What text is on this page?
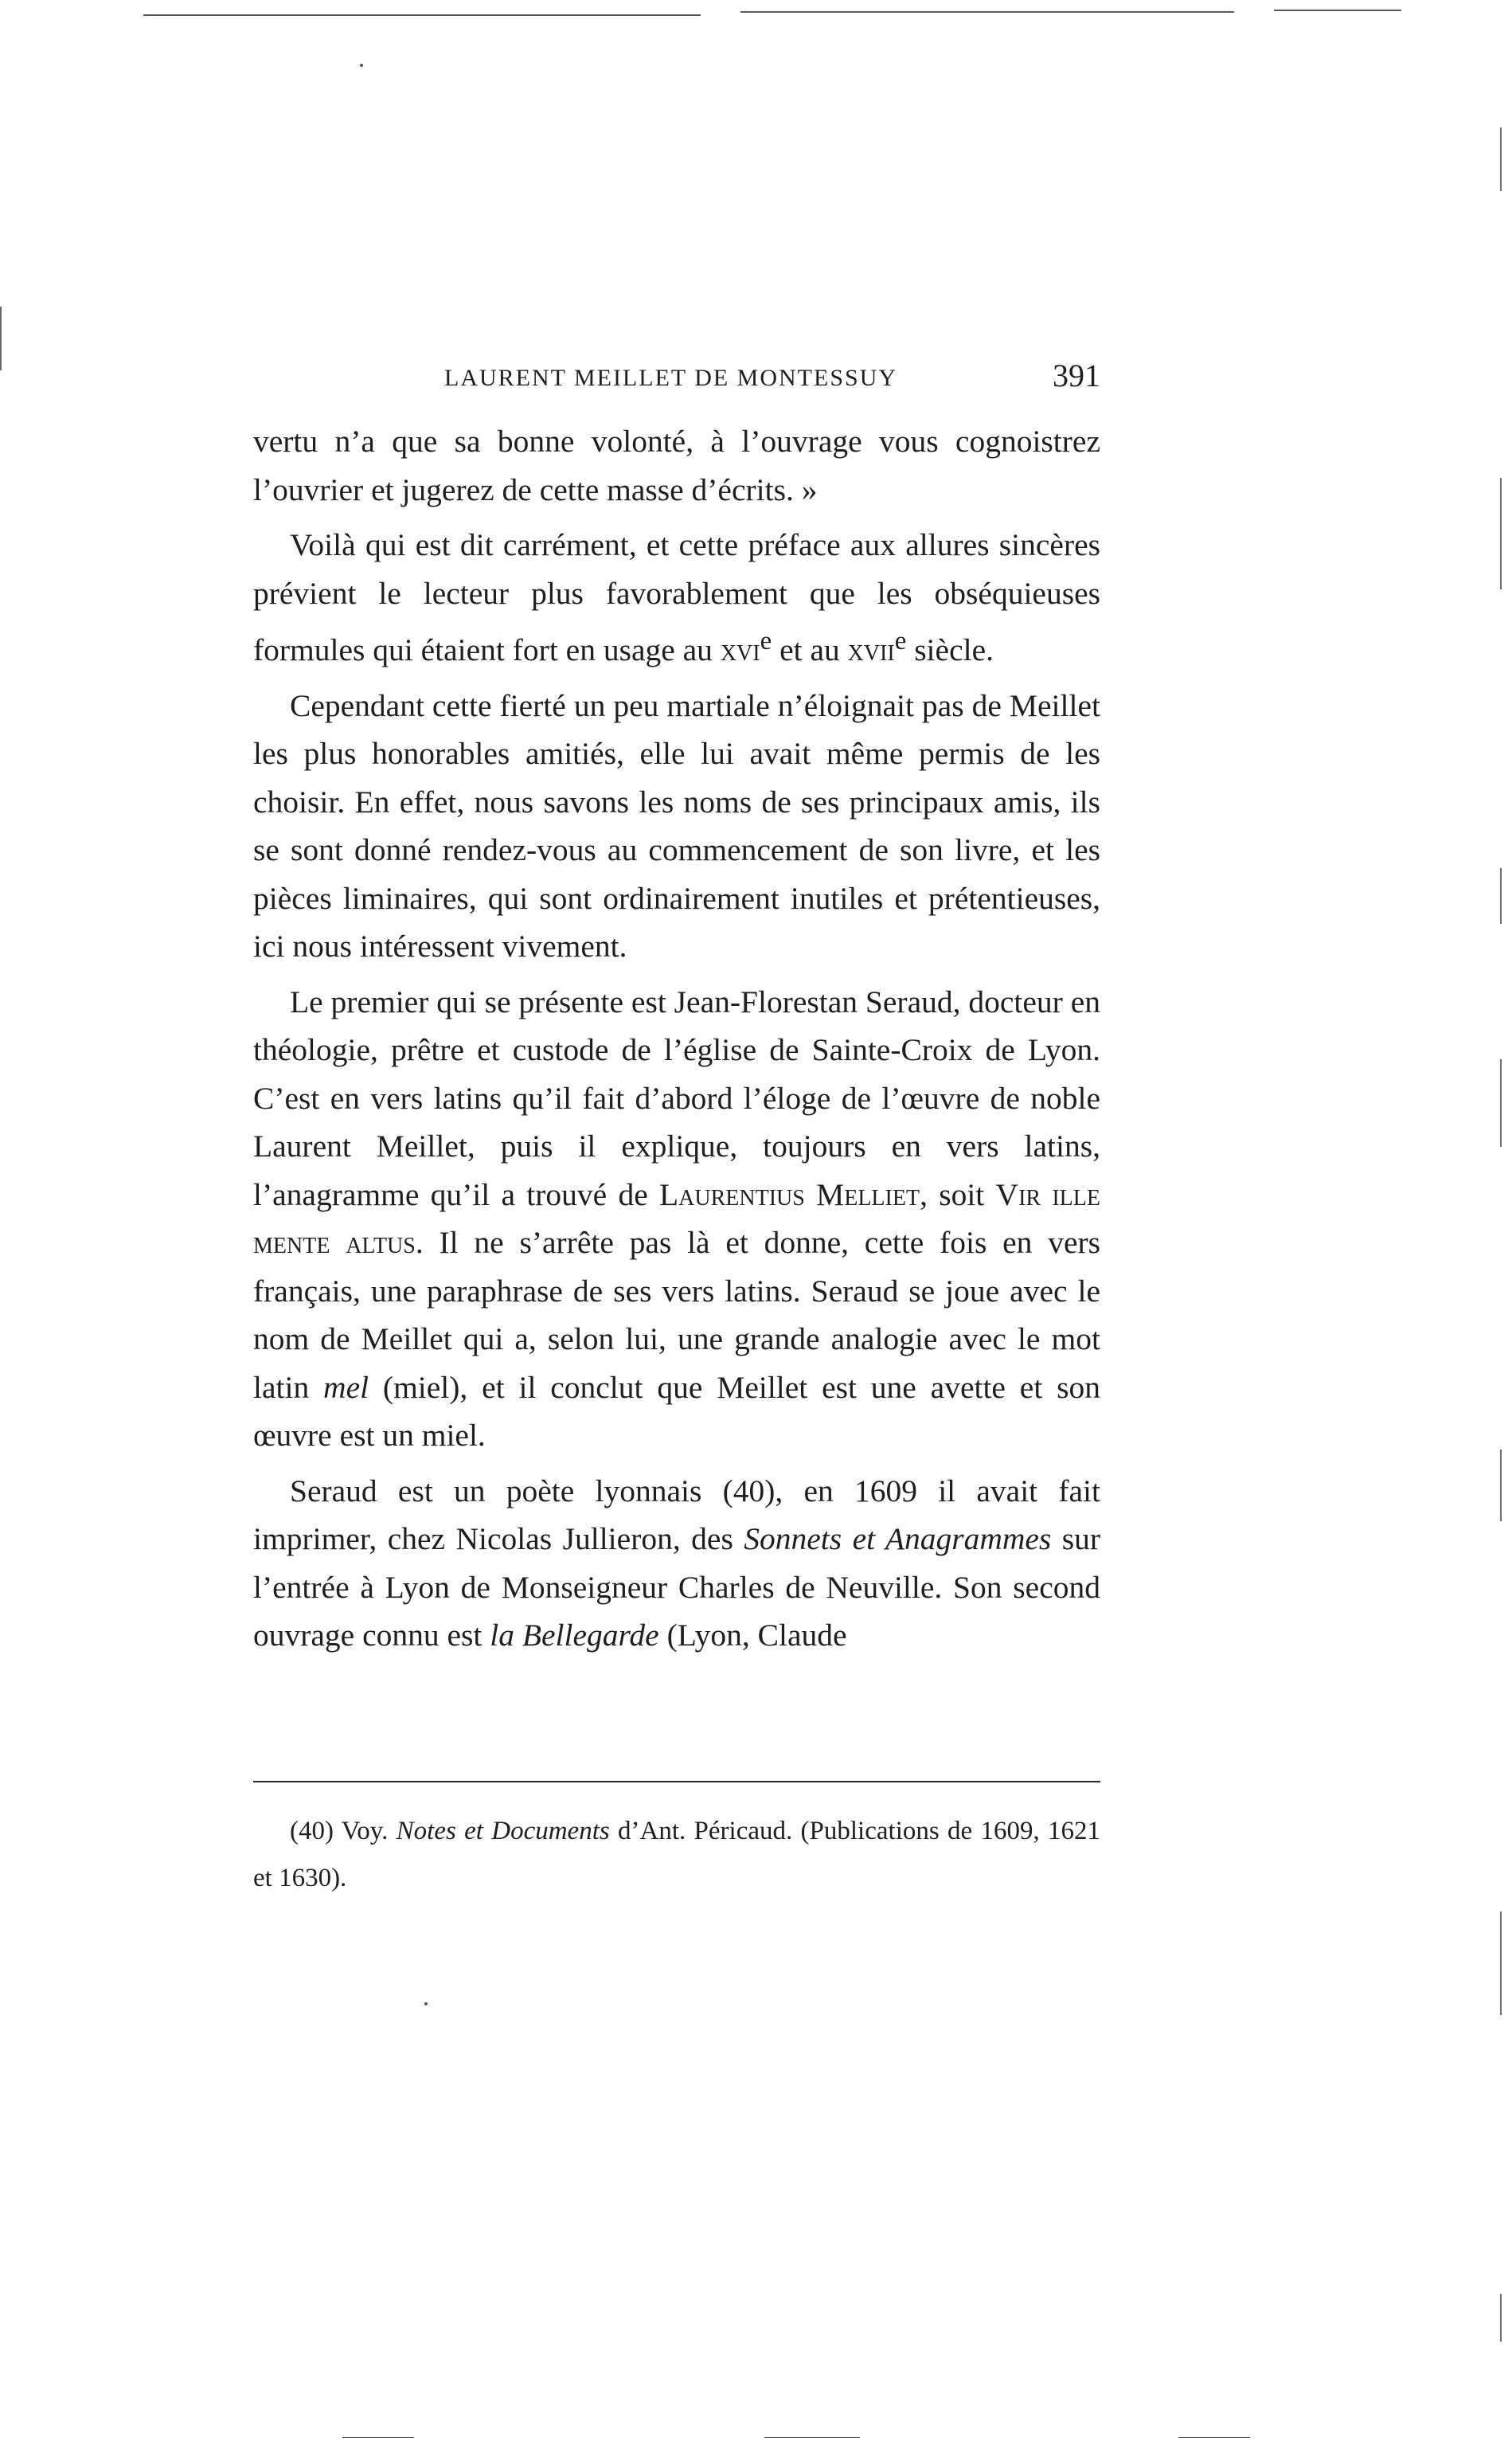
LAURENT MEILLET DE MONTESSUY	391

vertu n’a que sa bonne volonté, à l’ouvrage vous cognoistrez l’ouvrier et jugerez de cette masse d’écrits. »

Voilà qui est dit carrément, et cette préface aux allures sincères prévient le lecteur plus favorablement que les obséquieuses formules qui étaient fort en usage au xvi$^e$ et au xvii$^e$ siècle.

Cependant cette fierté un peu martiale n’éloignait pas de Meillet les plus honorables amitiés, elle lui avait même permis de les choisir. En effet, nous savons les noms de ses principaux amis, ils se sont donné rendez-vous au commencement de son livre, et les pièces liminaires, qui sont ordinairement inutiles et prétentieuses, ici nous intéressent vivement.

Le premier qui se présente est Jean-Florestan Seraud, docteur en théologie, prêtre et custode de l’église de Sainte-Croix de Lyon. C’est en vers latins qu’il fait d’abord l’éloge de l’œuvre de noble Laurent Meillet, puis il explique, toujours en vers latins, l’anagramme qu’il a trouvé de Laurentius Melliet, soit Vir ille mente altus. Il ne s’arrête pas là et donne, cette fois en vers français, une paraphrase de ses vers latins. Seraud se joue avec le nom de Meillet qui a, selon lui, une grande analogie avec le mot latin mel (miel), et il conclut que Meillet est une avette et son œuvre est un miel.

Seraud est un poète lyonnais (40), en 1609 il avait fait imprimer, chez Nicolas Jullieron, des Sonnets et Anagrammes sur l’entrée à Lyon de Monseigneur Charles de Neuville. Son second ouvrage connu est la Bellegarde (Lyon, Claude

(40) Voy. Notes et Documents d’Ant. Péricaud. (Publications de 1609, 1621 et 1630).
